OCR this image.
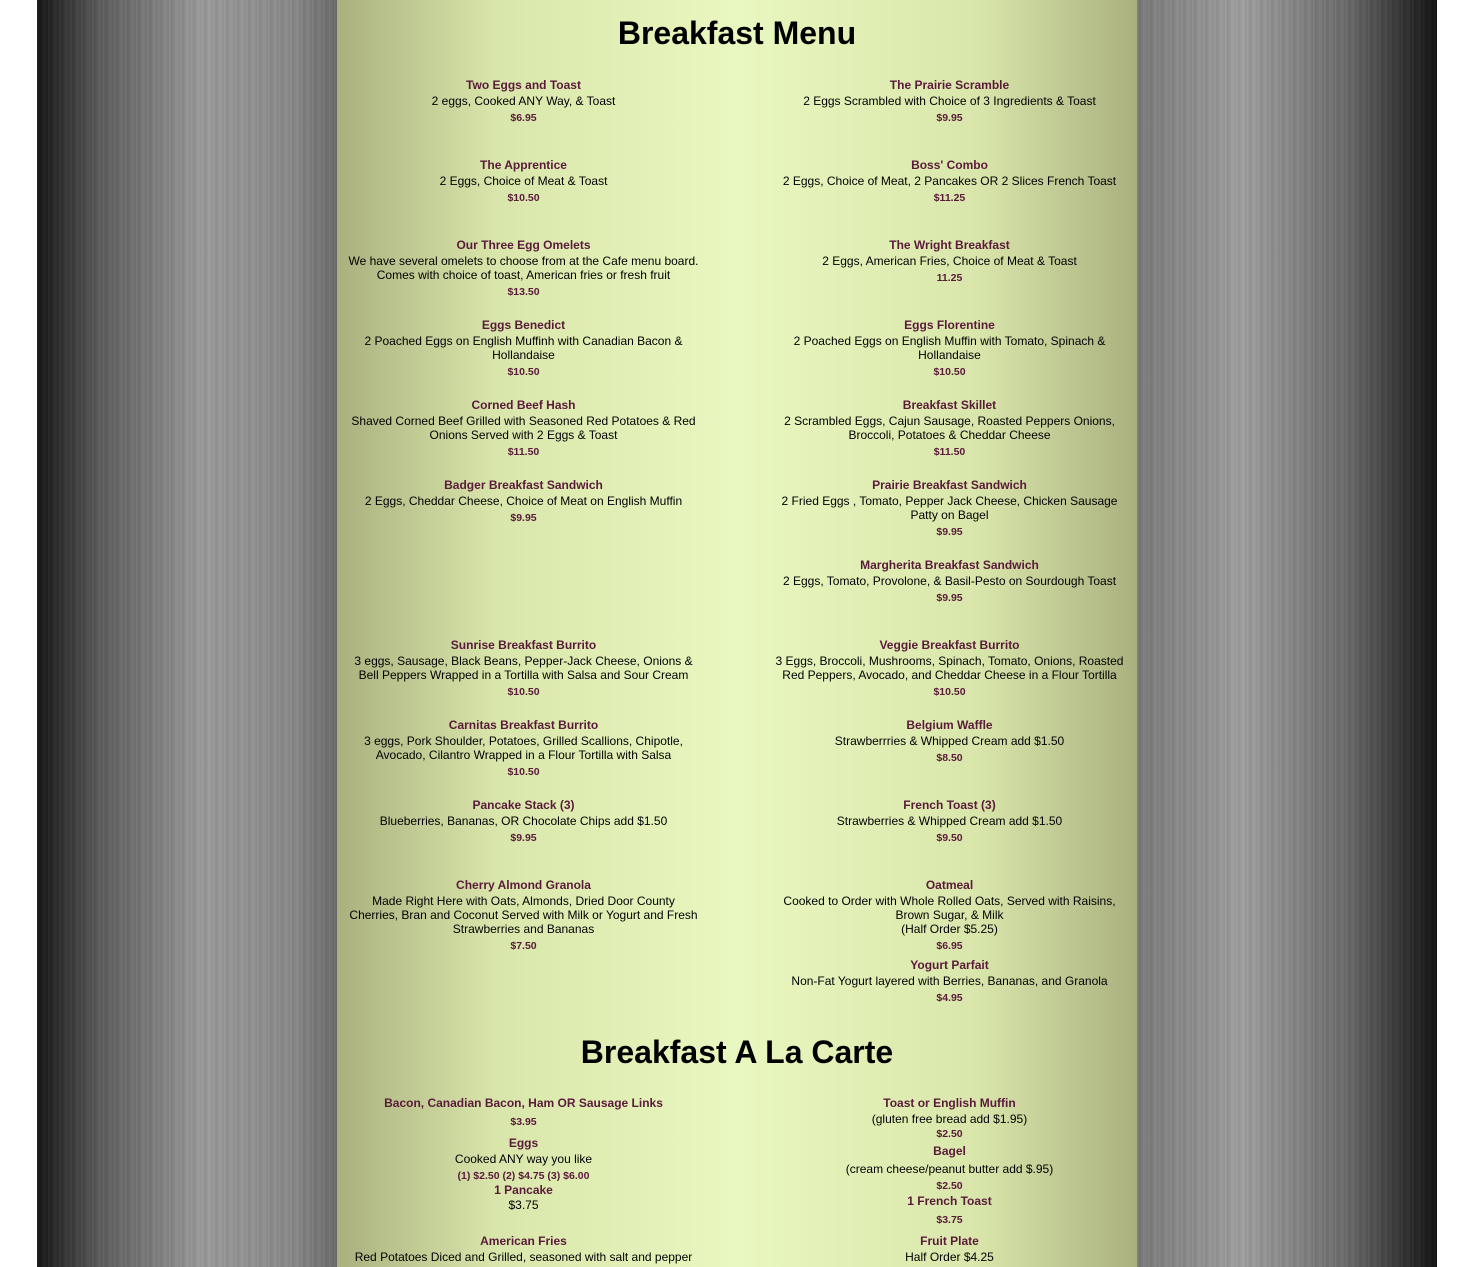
Breakfast Menu
Two Eggs and Toast
2 eggs, Cooked ANY Way, & Toast
$6.95
The Prairie Scramble
2 Eggs Scrambled with Choice of 3 Ingredients & Toast
$9.95
The Apprentice
2 Eggs, Choice of Meat & Toast
$10.50
Boss' Combo
2 Eggs, Choice of Meat, 2 Pancakes OR 2 Slices French Toast
$11.25
Our Three Egg Omelets
We have several omelets to choose from at the Cafe menu board. Comes with choice of toast, American fries or fresh fruit
$13.50
The Wright Breakfast
2 Eggs, American Fries, Choice of Meat & Toast
11.25
Eggs Benedict
2 Poached Eggs on English Muffinh with Canadian Bacon & Hollandaise
$10.50
Eggs Florentine
2 Poached Eggs on English Muffin with Tomato, Spinach & Hollandaise
$10.50
Corned Beef Hash
Shaved Corned Beef Grilled with Seasoned Red Potatoes & Red Onions Served with 2 Eggs & Toast
$11.50
Breakfast Skillet
2 Scrambled Eggs, Cajun Sausage, Roasted Peppers Onions, Broccoli, Potatoes & Cheddar Cheese
$11.50
Badger Breakfast Sandwich
2 Eggs, Cheddar Cheese, Choice of Meat on English Muffin
$9.95
Prairie Breakfast Sandwich
2 Fried Eggs , Tomato, Pepper Jack Cheese, Chicken Sausage Patty on Bagel
$9.95
Margherita Breakfast Sandwich
2 Eggs, Tomato, Provolone, & Basil-Pesto on Sourdough Toast
$9.95
Sunrise Breakfast Burrito
3 eggs, Sausage, Black Beans, Pepper-Jack Cheese, Onions & Bell Peppers Wrapped in a Tortilla with Salsa and Sour Cream
$10.50
Veggie Breakfast Burrito
3 Eggs, Broccoli, Mushrooms, Spinach, Tomato, Onions, Roasted Red Peppers, Avocado, and Cheddar Cheese in a Flour Tortilla
$10.50
Carnitas Breakfast Burrito
3 eggs, Pork Shoulder, Potatoes, Grilled Scallions, Chipotle, Avocado, Cilantro Wrapped in a Flour Tortilla with Salsa
$10.50
Belgium Waffle
Strawberrries & Whipped Cream add $1.50
$8.50
Pancake Stack (3)
Blueberries, Bananas, OR Chocolate Chips add $1.50
$9.95
French Toast (3)
Strawberries & Whipped Cream add $1.50
$9.50
Cherry Almond Granola
Made Right Here with Oats, Almonds, Dried Door County Cherries, Bran and Coconut Served with Milk or Yogurt and Fresh Strawberries and Bananas
$7.50
Oatmeal
Cooked to Order with Whole Rolled Oats, Served with Raisins, Brown Sugar, & Milk
(Half Order $5.25)
$6.95
Yogurt Parfait
Non-Fat Yogurt layered with Berries, Bananas, and Granola
$4.95
Breakfast A La Carte
Bacon, Canadian Bacon, Ham OR Sausage Links
$3.95
Toast or English Muffin
(gluten free bread add $1.95)
$2.50
Eggs
Cooked ANY way you like
(1) $2.50 (2) $4.75 (3) $6.00
Bagel
(cream cheese/peanut butter add $.95)
$2.50
1 Pancake
$3.75	1 French Toast
$3.75
American Fries
Red Potatoes Diced and Grilled, seasoned with salt and pepper
Fruit Plate
Half Order $4.25
